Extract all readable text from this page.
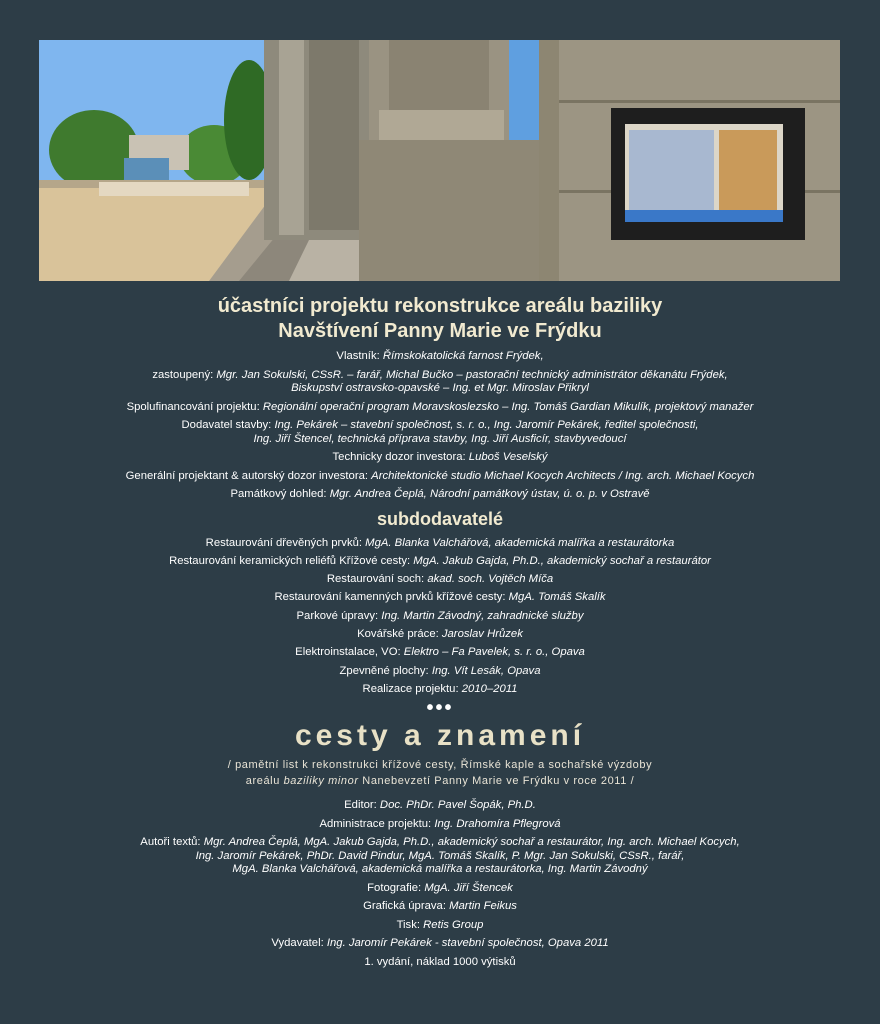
účastníci projektu rekonstrukce areálu baziliky
Navštívení Panny Marie ve Frýdku
Vlastník: Římskokatolická farnost Frýdek,
zastoupený: Mgr. Jan Sokulski, CSsR. – farář, Michal Bučko – pastorační technický administrátor děkanátu Frýdek,
Biskupství ostravsko-opavské – Ing. et Mgr. Miroslav Přikryl
Spolufinancování projektu: Regionální operační program Moravskoslezsko – Ing. Tomáš Gardian Mikulík, projektový manažer
Dodavatel stavby: Ing. Pekárek – stavební společnost, s. r. o., Ing. Jaromír Pekárek, ředitel společnosti,
Ing. Jiří Štencel, technická příprava stavby, Ing. Jiří Ausficír, stavbyvedoucí
Technicky dozor investora: Luboš Veselský
Generální projektant & autorský dozor investora: Architektonické studio Michael Kocych Architects / Ing. arch. Michael Kocych
Památkový dohled: Mgr. Andrea Čeplá, Národní památkový ústav, ú. o. p. v Ostravě
subdodavatelé
Restaurování dřevěných prvků: MgA. Blanka Valchářová, akademická malířka a restaurátorka
Restaurování keramických reliéfů Křížové cesty: MgA. Jakub Gajda, Ph.D., akademický sochař a restaurátor
Restaurování soch: akad. soch. Vojtěch Míča
Restaurování kamenných prvků křížové cesty: MgA. Tomáš Skalík
Parkové úpravy: Ing. Martin Závodný, zahradnické služby
Kovářské práce: Jaroslav Hrůzek
Elektroinstalace, VO: Elektro – Fa Pavelek, s. r. o., Opava
Zpevněné plochy: Ing. Vít Lesák, Opava
Realizace projektu: 2010–2011
•••
cesty a znamení
/ pamětní list k rekonstrukci křížové cesty, Římské kaple a sochařské výzdoby
areálu baziliky minor Nanebevzetí Panny Marie ve Frýdku v roce 2011 /
Editor: Doc. PhDr. Pavel Šopák, Ph.D.
Administrace projektu: Ing. Drahomíra Pflegrová
Autoři textů: Mgr. Andrea Čeplá, MgA. Jakub Gajda, Ph.D., akademický sochař a restaurátor, Ing. arch. Michael Kocych,
Ing. Jaromír Pekárek, PhDr. David Pindur, MgA. Tomáš Skalík, P. Mgr. Jan Sokulski, CSsR., farář,
MgA. Blanka Valchářová, akademická malířka a restaurátorka, Ing. Martin Závodný
Fotografie: MgA. Jiří Štencek
Grafická úprava: Martin Feikus
Tisk: Retis Group
Vydavatel: Ing. Jaromír Pekárek - stavební společnost, Opava 2011
1. vydání, náklad 1000 výtisků
